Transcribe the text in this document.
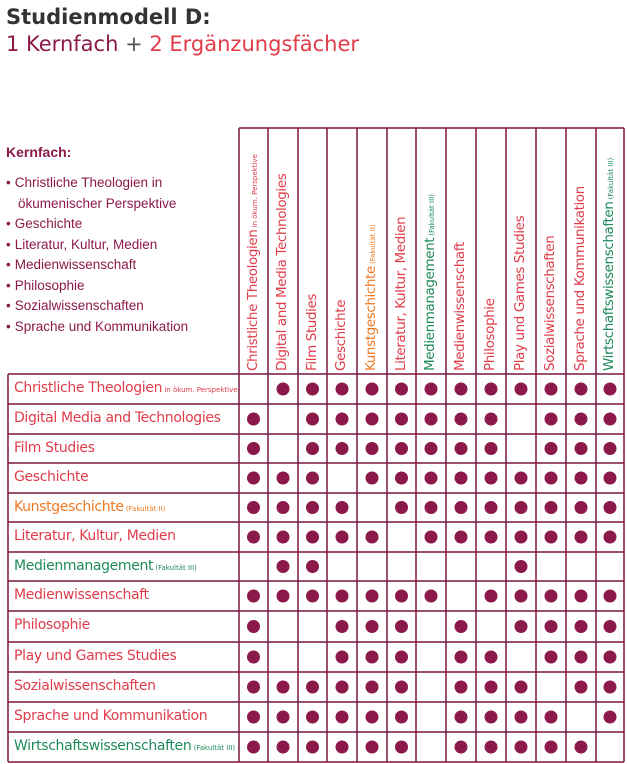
Studienmodell D:
1 Kernfach + 2 Ergänzungsfächer
Kernfach:
• Christliche Theologien in
ökumenischer Perspektive
• Geschichte
• Literatur, Kultur, Medien
• Medienwissenschaft
• Philosophie
• Sozialwissenschaften
• Sprache und Kommunikation	Christliche Theologien in ökum. Perspektive Digital and Media Technologies Film Studies Geschichte Kunstgeschichte (Fakultät II) Literatur, Kultur, Medien Medienmanagement (Fakultät III)
Medienwissenschaft Philosophie Play und Games Studies Sozialwissenschaften Sprache und Kommunikation Wirtschaftswissenschaften (Fakultät III)
Christliche Theologien in ökum. Perspektive
Digital Media and Technologies
Film Studies
Geschichte
Kunstgeschichte (Fakultät II)
Literatur, Kultur, Medien
Medienmanagement (Fakultät III)
Medienwissenschaft
Philosophie
Play und Games Studies
Sozialwissenschaften
Sprache und Kommunikation
Wirtschaftswissenschaften (Fakultät III)
